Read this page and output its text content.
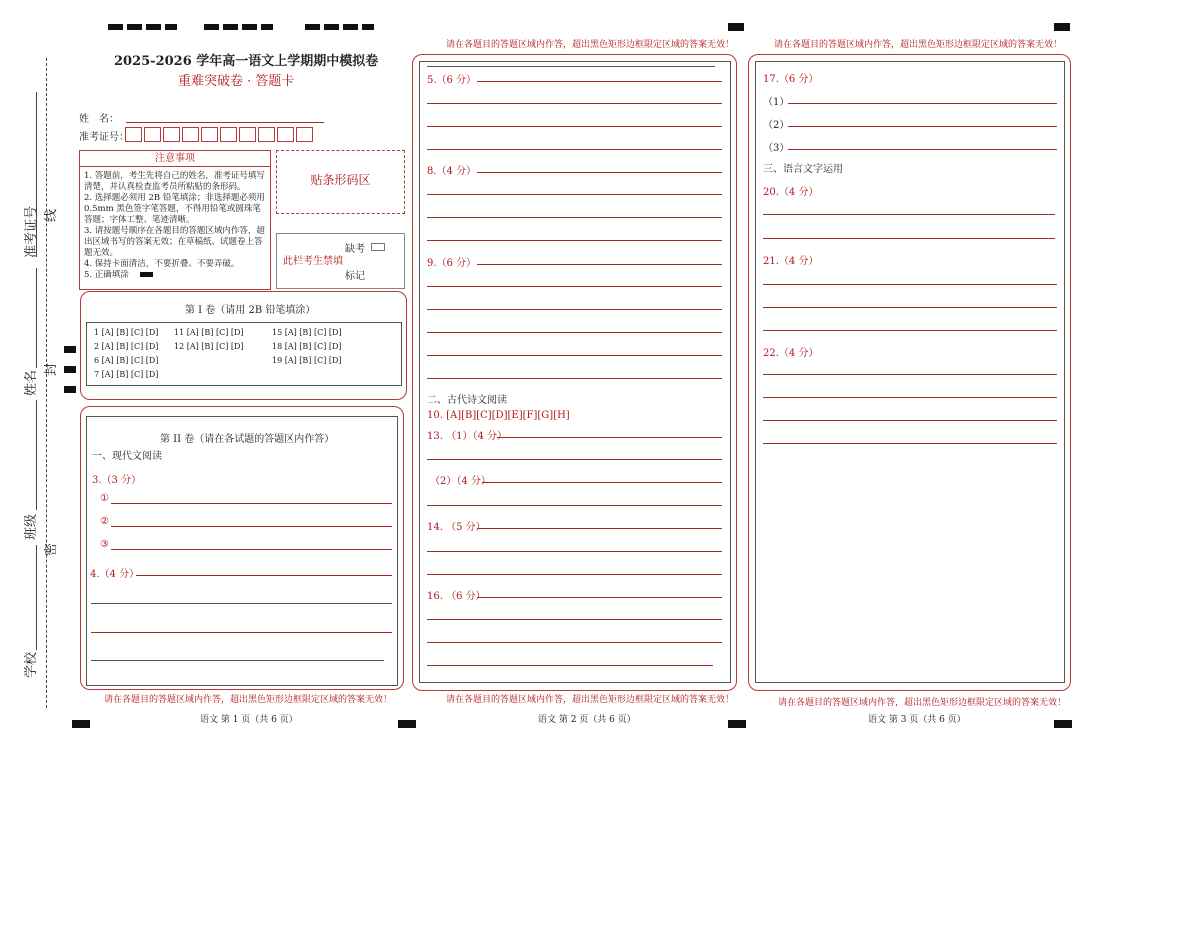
准考证号
姓名
班级
学校
线
封
密
2025-2026 学年高一语文上学期期中模拟卷
重难突破卷 · 答题卡
姓　名：
准考证号：
注意事项
1. 答题前，考生先将自己的姓名，准考证号填写清楚，并认真检查监考员所粘贴的条形码。
2. 选择题必须用 2B 铅笔填涂；非选择题必须用 0.5mm 黑色签字笔答题，不得用铅笔或圆珠笔答题；字体工整、笔迹清晰。
3. 请按题号顺序在各题目的答题区域内作答，超出区域书写的答案无效；在草稿纸、试题卷上答题无效。
4. 保持卡面清洁，不要折叠、不要弄破。
5. 正确填涂
贴条形码区
缺考
此栏考生禁填
标记
第 I 卷（请用 2B 铅笔填涂）
1 [A] [B] [C] [D]
2 [A] [B] [C] [D]
6 [A] [B] [C] [D]
7 [A] [B] [C] [D]
11 [A] [B] [C] [D]
12 [A] [B] [C] [D]
15 [A] [B] [C] [D]
18 [A] [B] [C] [D]
19 [A] [B] [C] [D]
第 II 卷（请在各试题的答题区内作答）
一、现代文阅读
3.（3 分）
①
②
③
4.（4 分）
请在各题目的答题区域内作答，超出黑色矩形边框限定区域的答案无效！
语文 第 1 页（共 6 页）
请在各题目的答题区域内作答，超出黑色矩形边框限定区域的答案无效！
5.（6 分）
8.（4 分）
9.（6 分）
二、古代诗文阅读
10. [A][B][C][D][E][F][G][H]
13. （1）（4 分）
（2）（4 分）
14. （5 分）
16. （6 分）
请在各题目的答题区域内作答，超出黑色矩形边框限定区域的答案无效！
语文 第 2 页（共 6 页）
请在各题目的答题区域内作答，超出黑色矩形边框限定区域的答案无效！
17.（6 分）
（1）
（2）
（3）
三、语言文字运用
20.（4 分）
21.（4 分）
22.（4 分）
请在各题目的答题区域内作答，超出黑色矩形边框限定区域的答案无效！
语文 第 3 页（共 6 页）
